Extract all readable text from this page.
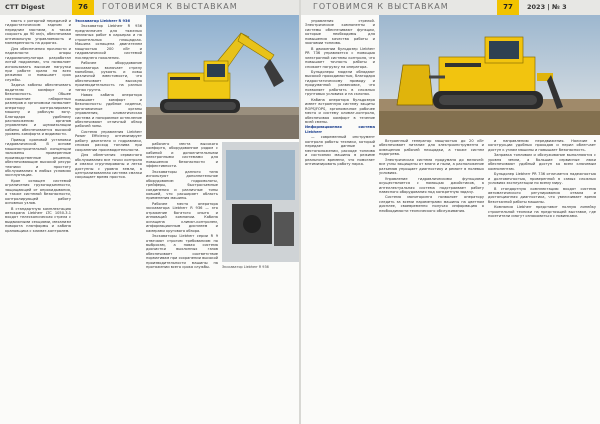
СТТ Digest	76	ГОТОВИМСЯ К ВЫСТАВКАМ

масть с роторной передачей и гидростатическим задним и передним мостами, а также скорость до 90 км/ч, обеспечивая оптимальную управляемость и маневренность на дорогах.

Для обеспечения прочности и надежности опоры гидроманипулятора разработан литой подрамник, что позволяет использовать высокие нагрузки при работе крана на всех режимах и повышает срок службы.

Задача кабины обеспечивать водителю комфорт и безопасность. Обшее соотношение габаритных размеров и эргономики позволяет оператору контролировать машину и рабочую зону. Благодаря удобному расположению органов управления и шумоизоляции кабины обеспечивается высокий уровень комфорта и видимости.

Привод крановой установки гидравлический. В основе машиностроительной концепции заложены проверенные производственные решения, обеспечивающие высокий ресурс техники и простоту обслуживания в любых условиях эксплуатации.

Кран оснащен системой ограничения грузоподъемности, защищающей от опрокидывания, а также системой безопасности, контролирующей работу основных узлов.

В стандартную комплектацию автокрана Liebherr LTC 1050-3.1 входят телескопическая стрела с выдвижными секциями, механизм поворота платформы и кабина крановщика с климат-контролем.

Экскаватор Liebherr R 936

Экскаватор Liebherr R 936 предназначен для тяжелых земляных работ в карьерах и на строительных площадках. Машина оснащена двигателем мощностью 200 кВт и гидравлической системой последнего поколения.

Рабочее оборудование экскаватора включает стрелу моноблок, рукоять и ковш различной вместимости, что обеспечивает высокую производительность на разных типах грунта.

Новая кабина оператора повышает комфорт и безопасность: удобное сиденье, эргономичные органы управления, климатическая система и панорамное остекление обеспечивают отличный обзор рабочей зоны.

Система управления Liebherr Power Efficiency оптимизирует работу двигателя и гидравлики, снижая расход топлива при сохранении производительности.

Для облегчения сервисного обслуживания все точки контроля и смазки сгруппированы и легко доступны с уровня земли, а централизованная система смазки сокращает время простоя.

рабочего места высокого комфорта, оборудованное рядом с кабиной и дополнительными электронными системами для повышения безопасности и эффективности.

Экскаваторы данного типа используют дополнительное оборудование: гидромолоты, грейферы, быстросъемные соединения и различные типы ковшей, что расширяет область применения машины.

Рабочее место оператора экскаватора Liebherr R 936 — это отражение богатого опыта и инноваций компании. Кабина оснащена климат-контролем, информационным дисплеем и камерами кругового обзора.

Экскаваторы Liebherr серии R 9 отвечают строгим требованиям по выбросам, а новая система доочистки выхлопных газов обеспечивает соответствие нормативам при сохранении высокой производительности машины на протяжении всего срока службы.	Экскаватор Liebherr R 936

ГОТОВИМСЯ К ВЫСТАВКАМ	77	2023 | № 3

управления стрелой. Электрические компоненты и системы обеспечивают функции, которые необходимы для повышения качества работы и экономии топлива.

В движении бульдозер Liebherr PR 736 управляется с помощью электронной системы контроля, что повышает точность работы и снижает нагрузку на оператора.

Бульдозеры модели обладают высокой проходимостью, благодаря гидростатическому приводу и продуманной развесовке, что позволяет работать в сложных грунтовых условиях и на склонах.

Кабина оператора бульдозера имеет встроенную систему защиты ROPS/FOPS, эргономичное рабочее место и систему климат-контроля, обеспечивая комфорт в течение всей смены.

Информационная система Liebherr

— современный инструмент контроля работы техники, который передает данные о местоположении, расходе топлива и состоянии машины в режиме реального времени, что помогает оптимизировать работу парка.

Встроенный генератор мощностью до 20 кВт обеспечивает питание для электроинструмента и освещения рабочей площадки, а также систем подогрева.

Электрическая система продумана до мелочей: все узлы защищены от влаги и пыли, а расположение разъемов упрощает диагностику и ремонт в полевых условиях.

Управление гидравлическими функциями осуществляется с помощью джойстиков, а интеллектуальная система подстраивает работу навесного оборудования под конкретную задачу.

Система мониторинга позволяет оператору следить за всеми параметрами машины на цветном дисплее, своевременно получая информацию о необходимости технического обслуживания.

и направлению передвижения. Наличие в конструкции удобных проходов и перил облегчает доступ к узлам машины и повышает безопасность.

Заправка топливом и обслуживание выполняются с уровня земли, а большие сервисные люки обеспечивают удобный доступ ко всем ключевым компонентам.

Бульдозер Liebherr PR 736 отличается надежностью и долговечностью, проверенной в самых сложных условиях эксплуатации по всему миру.

В стандартную комплектацию входят система автоматического регулирования отвала и дистанционная диагностика, что увеличивает время безотказной работы машины.

Компания Liebherr представит полную линейку строительной техники на предстоящей выставке, где посетители смогут ознакомиться с новинками.
